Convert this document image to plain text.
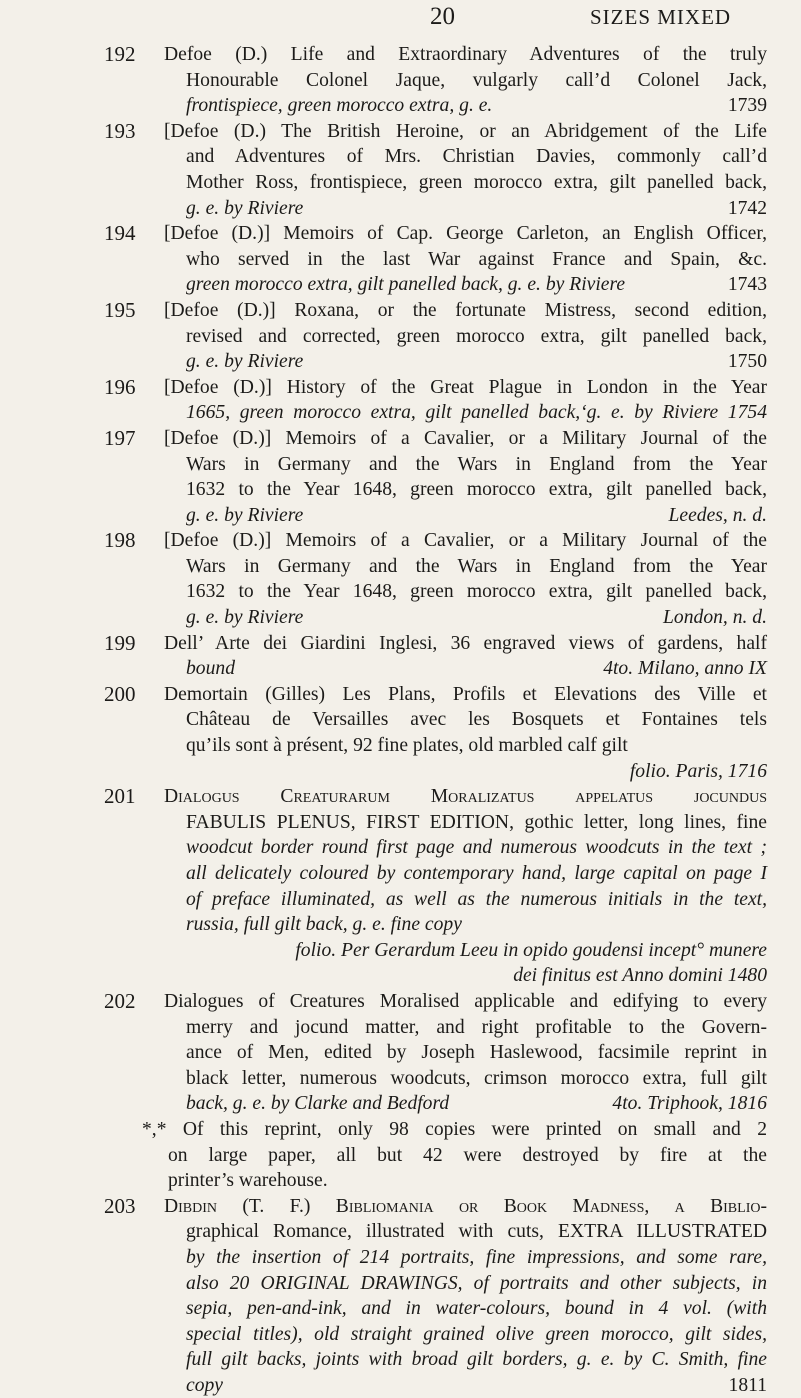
20	SIZES MIXED
192 Defoe (D.) Life and Extraordinary Adventures of the truly
Honourable Colonel Jaque, vulgarly call’d Colonel Jack,
frontispiece, green morocco extra, g. e.	1739
193 [Defoe (D.) The British Heroine, or an Abridgement of the Life
and Adventures of Mrs. Christian Davies, commonly call’d
Mother Ross, frontispiece, green morocco extra, gilt panelled back,
g. e. by Riviere	1742
194 [Defoe (D.)] Memoirs of Cap. George Carleton, an English Officer,
who served in the last War against France and Spain, &c.
green morocco extra, gilt panelled back, g. e. by Riviere	1743
195 [Defoe (D.)] Roxana, or the fortunate Mistress, second edition,
revised and corrected, green morocco extra, gilt panelled back,
g. e. by Riviere	1750
196 [Defoe (D.)] History of the Great Plague in London in the Year
1665, green morocco extra, gilt panelled back,‘g. e. by Riviere 1754
197 [Defoe (D.)] Memoirs of a Cavalier, or a Military Journal of the
Wars in Germany and the Wars in England from the Year
1632 to the Year 1648, green morocco extra, gilt panelled back,
g. e. by Riviere	Leedes, n. d.
198 [Defoe (D.)] Memoirs of a Cavalier, or a Military Journal of the
Wars in Germany and the Wars in England from the Year
1632 to the Year 1648, green morocco extra, gilt panelled back,
g. e. by Riviere	London, n. d.
199 Dell’ Arte dei Giardini Inglesi, 36 engraved views of gardens, half
bound	4to. Milano, anno IX
200 Demortain (Gilles) Les Plans, Profils et Elevations des Ville et
Château de Versailles avec les Bosquets et Fontaines tels
qu’ils sont à présent, 92 fine plates, old marbled calf gilt
folio. Paris, 1716
201 Dialogus Creaturarum Moralizatus appelatus jocundus
FABULIS PLENUS, FIRST EDITION, gothic letter, long lines, fine
woodcut border round first page and numerous woodcuts in the text ;
all delicately coloured by contemporary hand, large capital on page I
of preface illuminated, as well as the numerous initials in the text,
russia, full gilt back, g. e. fine copy
folio. Per Gerardum Leeu in opido goudensi incept° munere
dei finitus est Anno domini 1480
202 Dialogues of Creatures Moralised applicable and edifying to every
merry and jocund matter, and right profitable to the Govern-
ance of Men, edited by Joseph Haslewood, facsimile reprint in
black letter, numerous woodcuts, crimson morocco extra, full gilt
back, g. e. by Clarke and Bedford	4to. Triphook, 1816
*,* Of this reprint, only 98 copies were printed on small and 2
on large paper, all but 42 were destroyed by fire at the
printer’s warehouse.
203 Dibdin (T. F.) Bibliomania or Book Madness, a Biblio-
graphical Romance, illustrated with cuts, EXTRA ILLUSTRATED
by the insertion of 214 portraits, fine impressions, and some rare,
also 20 ORIGINAL DRAWINGS, of portraits and other subjects, in
sepia, pen-and-ink, and in water-colours, bound in 4 vol. (with
special titles), old straight grained olive green morocco, gilt sides,
full gilt backs, joints with broad gilt borders, g. e. by C. Smith, fine
copy	1811
